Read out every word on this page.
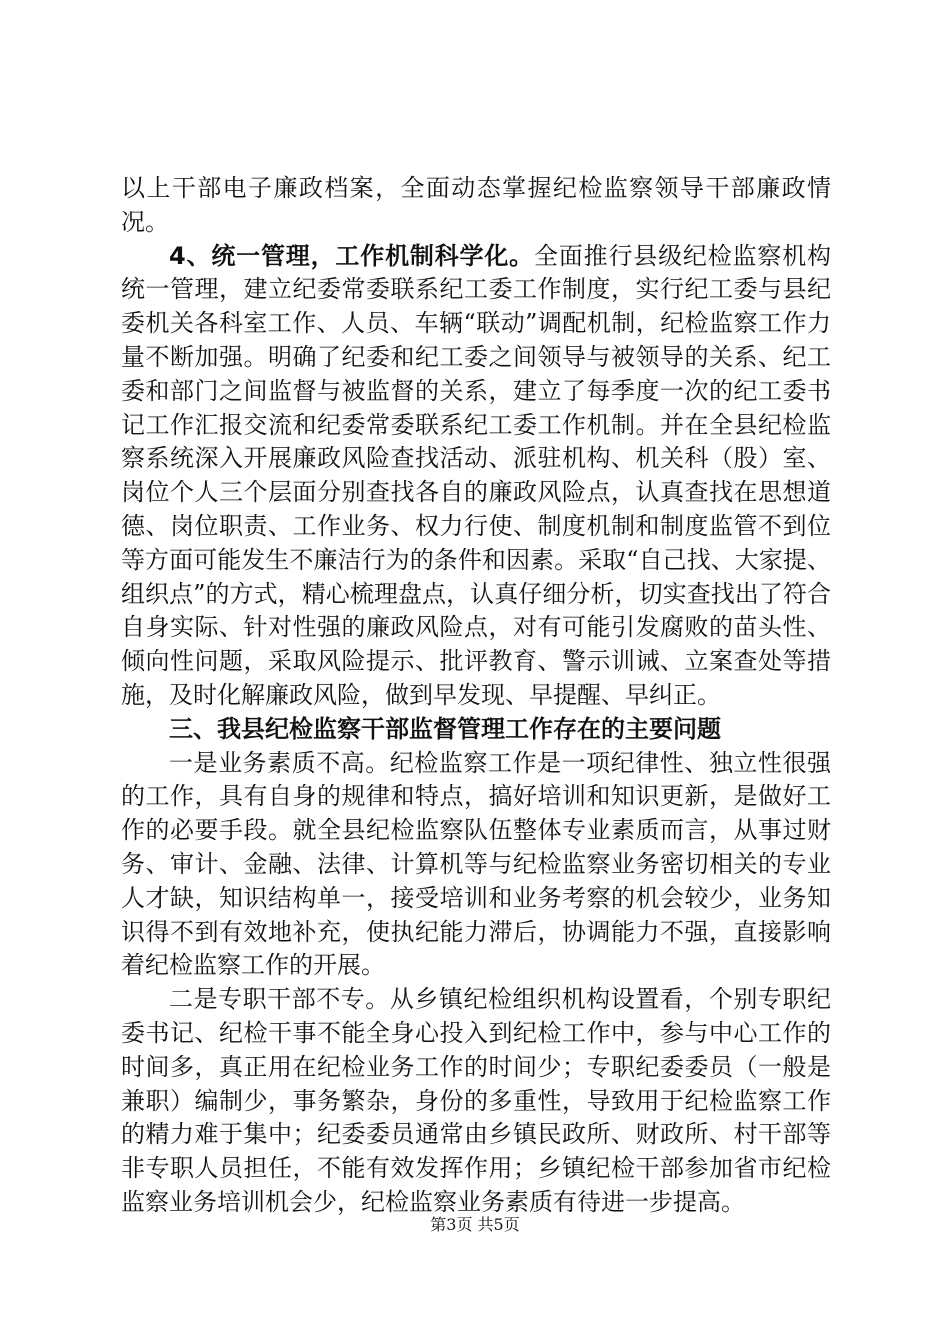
以上干部电子廉政档案，全面动态掌握纪检监察领导干部廉政情况。

4、统一管理，工作机制科学化。全面推行县级纪检监察机构统一管理，建立纪委常委联系纪工委工作制度，实行纪工委与县纪委机关各科室工作、人员、车辆“联动”调配机制，纪检监察工作力量不断加强。明确了纪委和纪工委之间领导与被领导的关系、纪工委和部门之间监督与被监督的关系，建立了每季度一次的纪工委书记工作汇报交流和纪委常委联系纪工委工作机制。并在全县纪检监察系统深入开展廉政风险查找活动、派驻机构、机关科（股）室、岗位个人三个层面分别查找各自的廉政风险点，认真查找在思想道德、岗位职责、工作业务、权力行使、制度机制和制度监管不到位等方面可能发生不廉洁行为的条件和因素。采取“自己找、大家提、组织点”的方式，精心梳理盘点，认真仔细分析，切实查找出了符合自身实际、针对性强的廉政风险点，对有可能引发腐败的苗头性、倾向性问题，采取风险提示、批评教育、警示训诫、立案查处等措施，及时化解廉政风险，做到早发现、早提醒、早纠正。

三、我县纪检监察干部监督管理工作存在的主要问题

一是业务素质不高。纪检监察工作是一项纪律性、独立性很强的工作，具有自身的规律和特点，搞好培训和知识更新，是做好工作的必要手段。就全县纪检监察队伍整体专业素质而言，从事过财务、审计、金融、法律、计算机等与纪检监察业务密切相关的专业人才缺，知识结构单一，接受培训和业务考察的机会较少，业务知识得不到有效地补充，使执纪能力滞后，协调能力不强，直接影响着纪检监察工作的开展。

二是专职干部不专。从乡镇纪检组织机构设置看，个别专职纪委书记、纪检干事不能全身心投入到纪检工作中，参与中心工作的时间多，真正用在纪检业务工作的时间少；专职纪委委员（一般是兼职）编制少，事务繁杂，身份的多重性，导致用于纪检监察工作的精力难于集中；纪委委员通常由乡镇民政所、财政所、村干部等非专职人员担任，不能有效发挥作用；乡镇纪检干部参加省市纪检监察业务培训机会少，纪检监察业务素质有待进一步提高。

第3页 共5页
